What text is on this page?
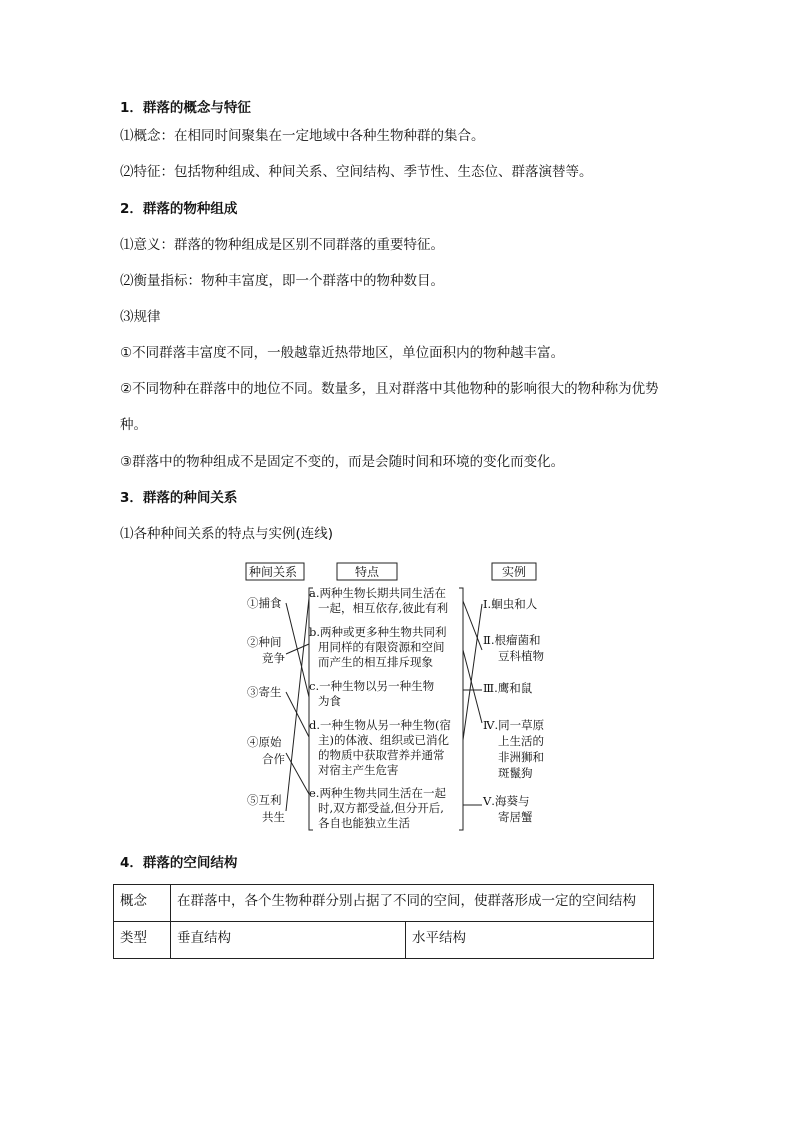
1．群落的概念与特征
⑴概念：在相同时间聚集在一定地域中各种生物种群的集合。
⑵特征：包括物种组成、种间关系、空间结构、季节性、生态位、群落演替等。
2．群落的物种组成
⑴意义：群落的物种组成是区别不同群落的重要特征。
⑵衡量指标：物种丰富度，即一个群落中的物种数目。
⑶规律
①不同群落丰富度不同，一般越靠近热带地区，单位面积内的物种越丰富。
②不同物种在群落中的地位不同。数量多，且对群落中其他物种的影响很大的物种称为优势
种。
③群落中的物种组成不是固定不变的，而是会随时间和环境的变化而变化。
3．群落的种间关系
⑴各种种间关系的特点与实例(连线)
种间关系	特点	实例
①捕食
②种间
竞争
③寄生
④原始
合作
⑤互利
共生
a.两种生物长期共同生活在
一起，相互依存,彼此有利
b.两种或更多种生物共同利
用同样的有限资源和空间
而产生的相互排斥现象
c.一种生物以另一种生物
为食
d.一种生物从另一种生物(宿
主)的体液、组织或已消化
的物质中获取营养并通常
对宿主产生危害
e.两种生物共同生活在一起
时,双方都受益,但分开后,
各自也能独立生活
Ⅰ.蛔虫和人
Ⅱ.根瘤菌和
豆科植物
Ⅲ.鹰和鼠
Ⅳ.同一草原
上生活的
非洲狮和
斑鬣狗
Ⅴ.海葵与
寄居蟹
4．群落的空间结构
概念	在群落中，各个生物种群分别占据了不同的空间，使群落形成一定的空间结构	
类型	垂直结构	水平结构
